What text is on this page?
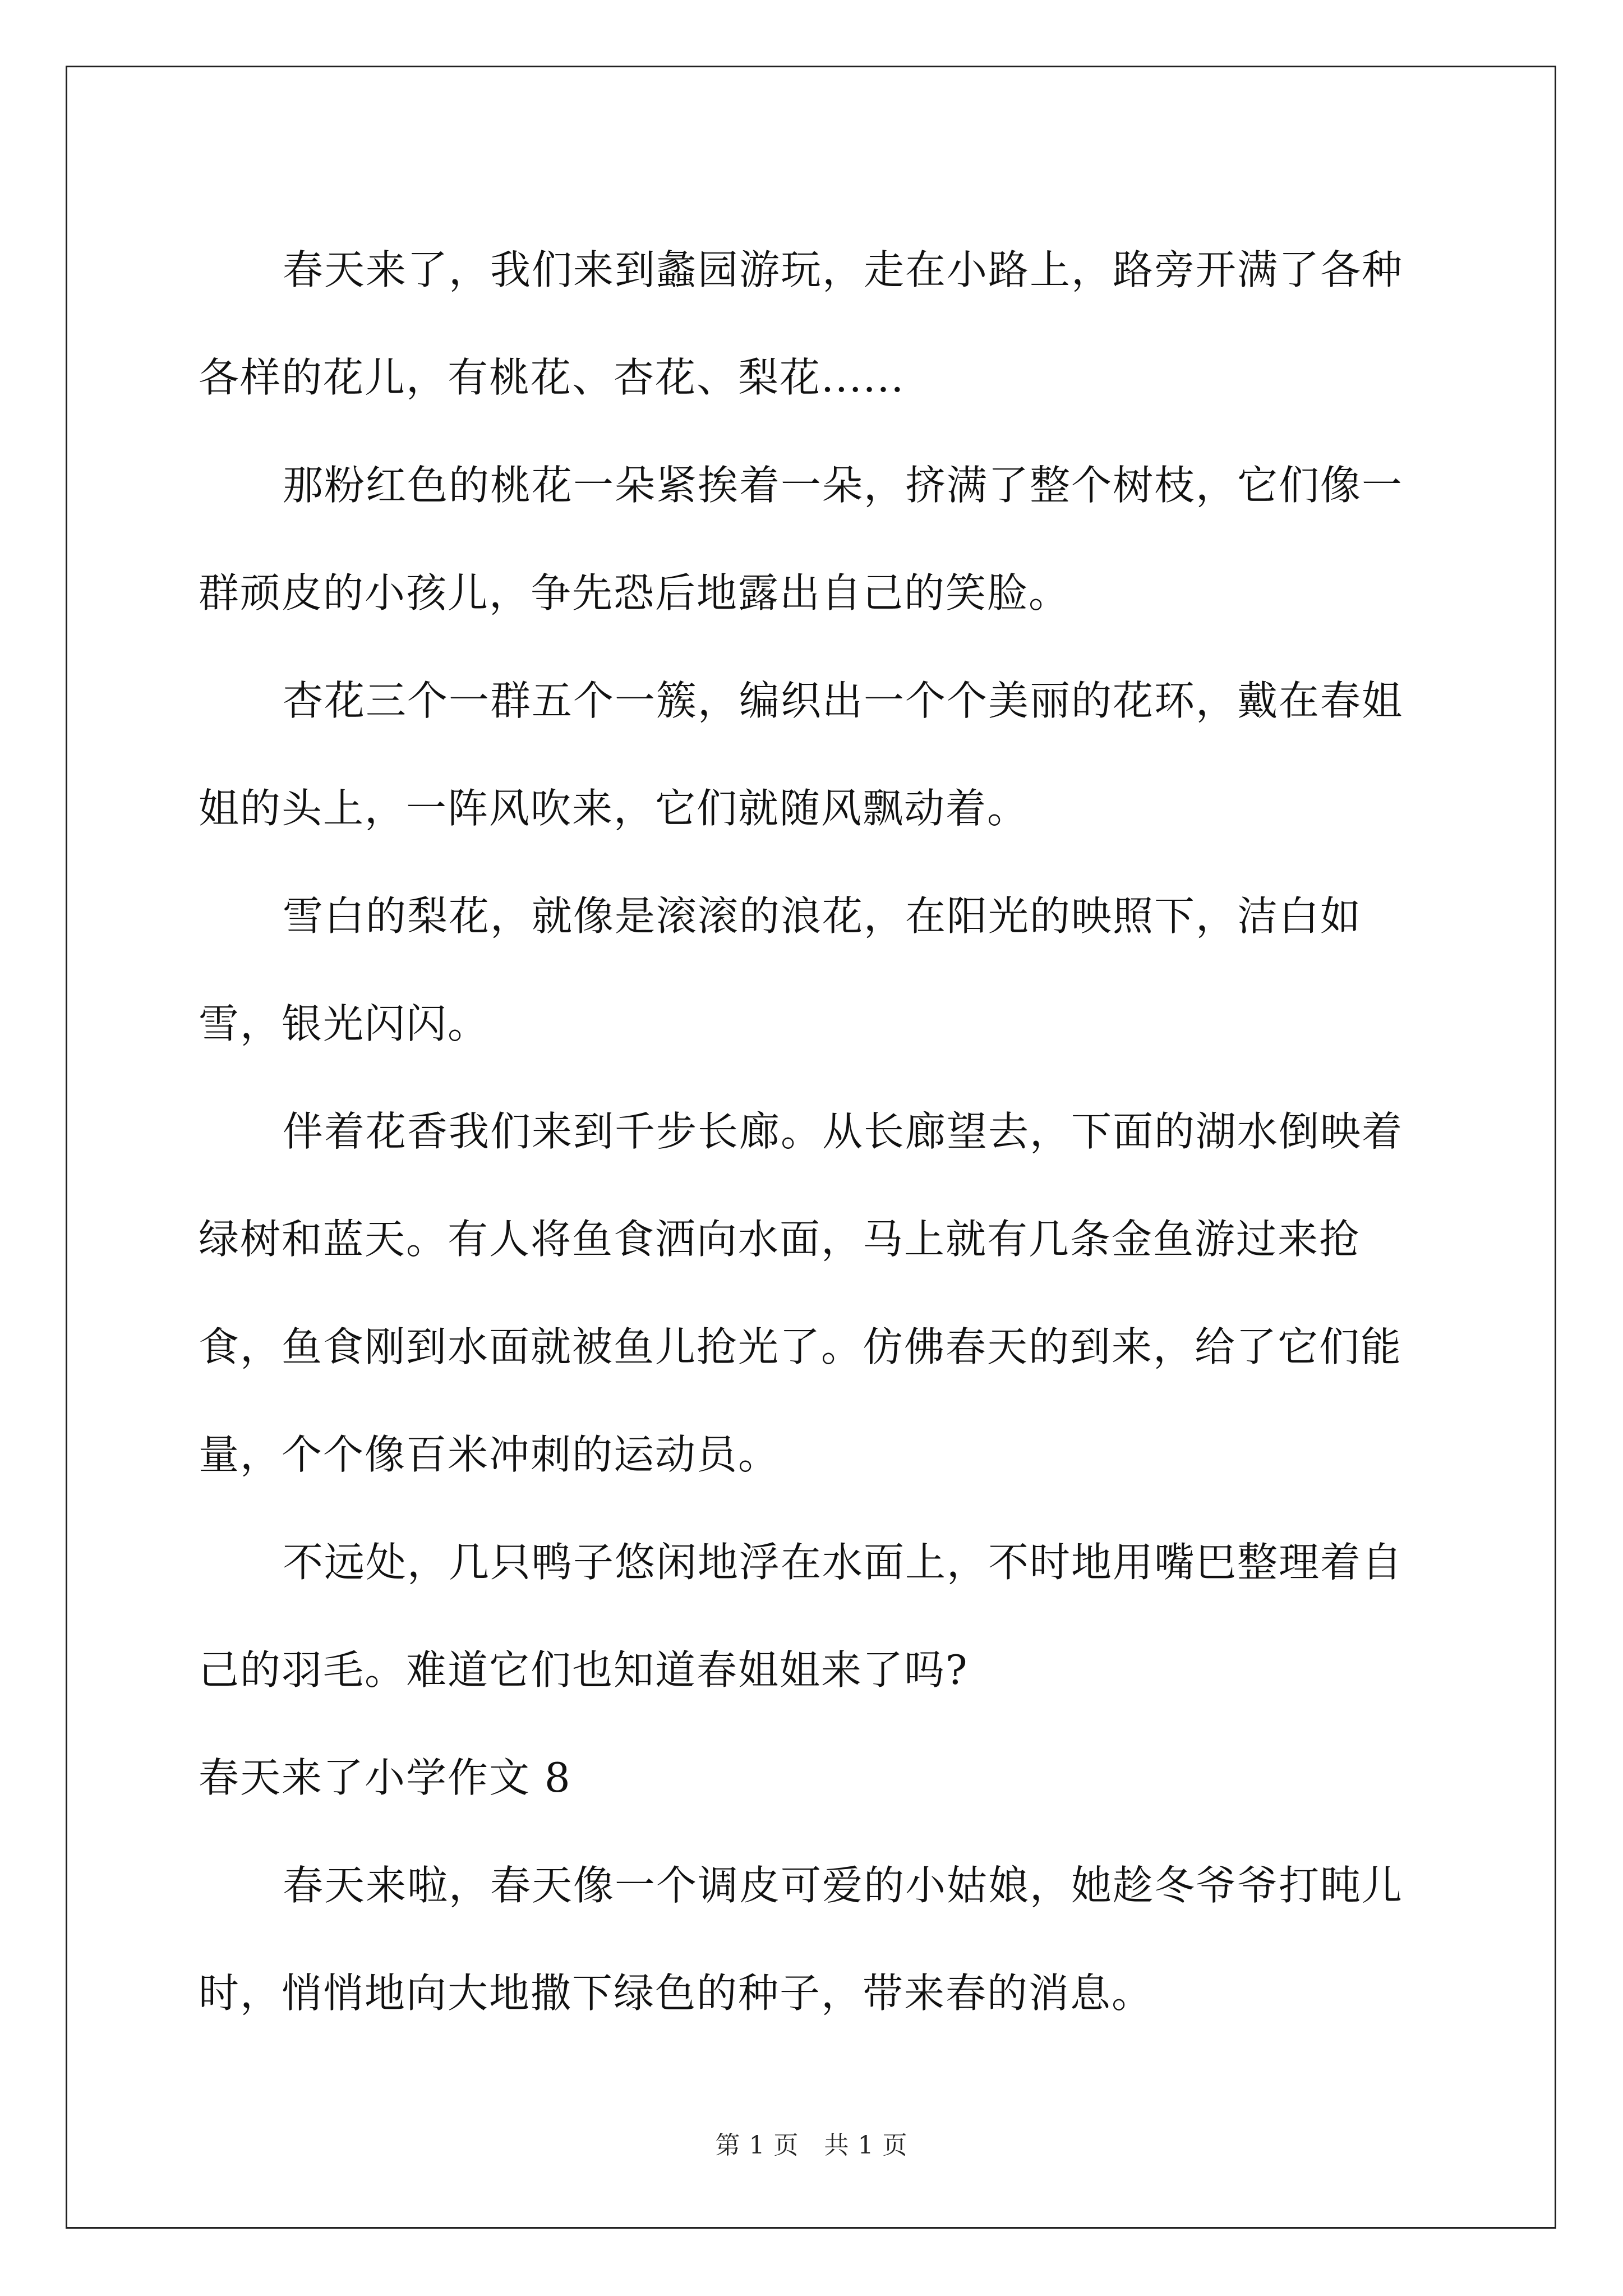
春天来了，我们来到蠡园游玩，走在小路上，路旁开满了各种各样的花儿，有桃花、杏花、梨花......

那粉红色的桃花一朵紧挨着一朵，挤满了整个树枝，它们像一群顽皮的小孩儿，争先恐后地露出自己的笑脸。

杏花三个一群五个一簇，编织出一个个美丽的花环，戴在春姐姐的头上，一阵风吹来，它们就随风飘动着。

雪白的梨花，就像是滚滚的浪花，在阳光的映照下，洁白如雪，银光闪闪。

伴着花香我们来到千步长廊。从长廊望去，下面的湖水倒映着绿树和蓝天。有人将鱼食洒向水面，马上就有几条金鱼游过来抢食，鱼食刚到水面就被鱼儿抢光了。仿佛春天的到来，给了它们能量，个个像百米冲刺的运动员。

不远处，几只鸭子悠闲地浮在水面上，不时地用嘴巴整理着自己的羽毛。难道它们也知道春姐姐来了吗?

春天来了小学作文 8

春天来啦，春天像一个调皮可爱的小姑娘，她趁冬爷爷打盹儿时，悄悄地向大地撒下绿色的种子，带来春的消息。

第 1 页　共 1 页
